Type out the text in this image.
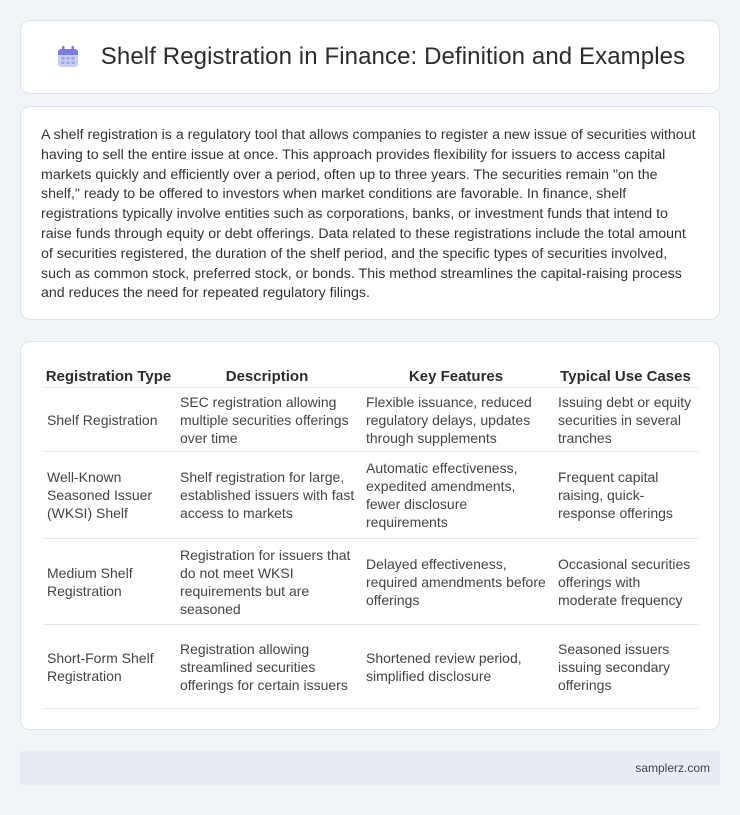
Shelf Registration in Finance: Definition and Examples

A shelf registration is a regulatory tool that allows companies to register a new issue of securities without having to sell the entire issue at once. This approach provides flexibility for issuers to access capital markets quickly and efficiently over a period, often up to three years. The securities remain "on the shelf," ready to be offered to investors when market conditions are favorable. In finance, shelf registrations typically involve entities such as corporations, banks, or investment funds that intend to raise funds through equity or debt offerings. Data related to these registrations include the total amount of securities registered, the duration of the shelf period, and the specific types of securities involved, such as common stock, preferred stock, or bonds. This method streamlines the capital-raising process and reduces the need for repeated regulatory filings.

Registration Type	Description	Key Features	Typical Use Cases
Shelf Registration	SEC registration allowing multiple securities offerings over time	Flexible issuance, reduced regulatory delays, updates through supplements	Issuing debt or equity securities in several tranches
Well-Known Seasoned Issuer (WKSI) Shelf	Shelf registration for large, established issuers with fast access to markets	Automatic effectiveness, expedited amendments, fewer disclosure requirements	Frequent capital raising, quick-response offerings
Medium Shelf Registration	Registration for issuers that do not meet WKSI requirements but are seasoned	Delayed effectiveness, required amendments before offerings	Occasional securities offerings with moderate frequency
Short-Form Shelf Registration	Registration allowing streamlined securities offerings for certain issuers	Shortened review period, simplified disclosure	Seasoned issuers issuing secondary offerings
samplerz.com
